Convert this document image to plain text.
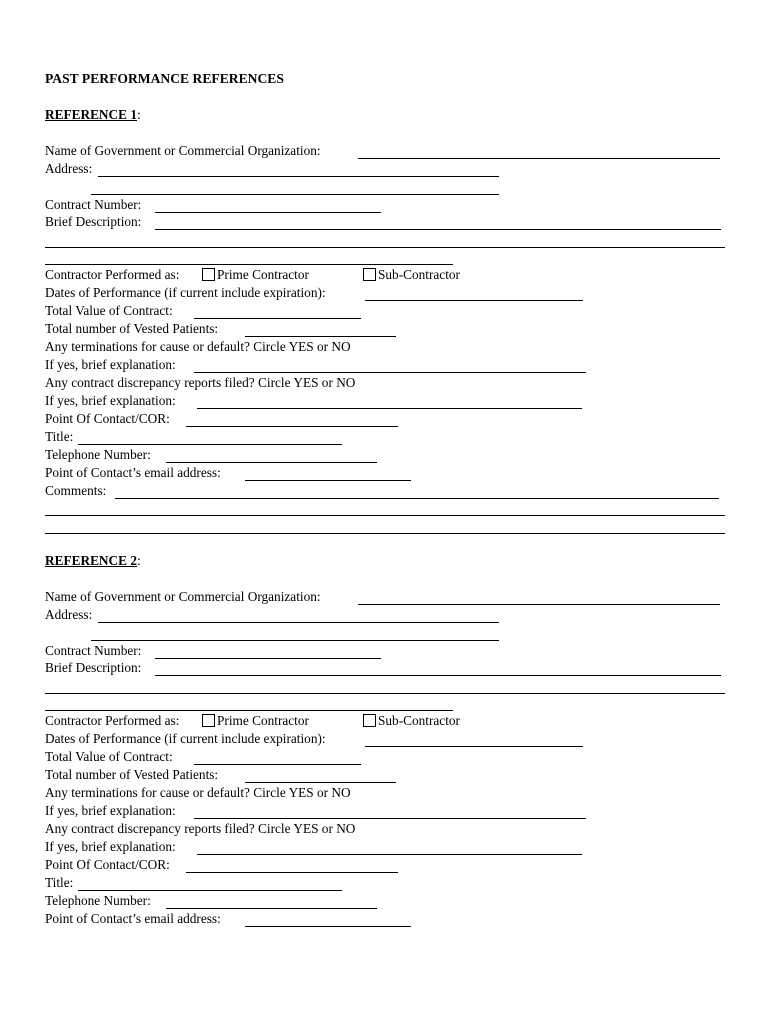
PAST PERFORMANCE REFERENCES
REFERENCE 1:
Name of Government or Commercial Organization:
Address:
Contract Number:
Brief Description:
Contractor Performed as:	Prime Contractor	Sub-Contractor
Dates of Performance (if current include expiration):
Total Value of Contract:
Total number of Vested Patients:
Any terminations for cause or default? Circle YES or NO
If yes, brief explanation:
Any contract discrepancy reports filed? Circle YES or NO
If yes, brief explanation:
Point Of Contact/COR:
Title:
Telephone Number:
Point of Contact’s email address:
Comments:
REFERENCE 2:
Name of Government or Commercial Organization:
Address:
Contract Number:
Brief Description:
Contractor Performed as:	Prime Contractor	Sub-Contractor
Dates of Performance (if current include expiration):
Total Value of Contract:
Total number of Vested Patients:
Any terminations for cause or default? Circle YES or NO
If yes, brief explanation:
Any contract discrepancy reports filed? Circle YES or NO
If yes, brief explanation:
Point Of Contact/COR:
Title:
Telephone Number:
Point of Contact’s email address:
